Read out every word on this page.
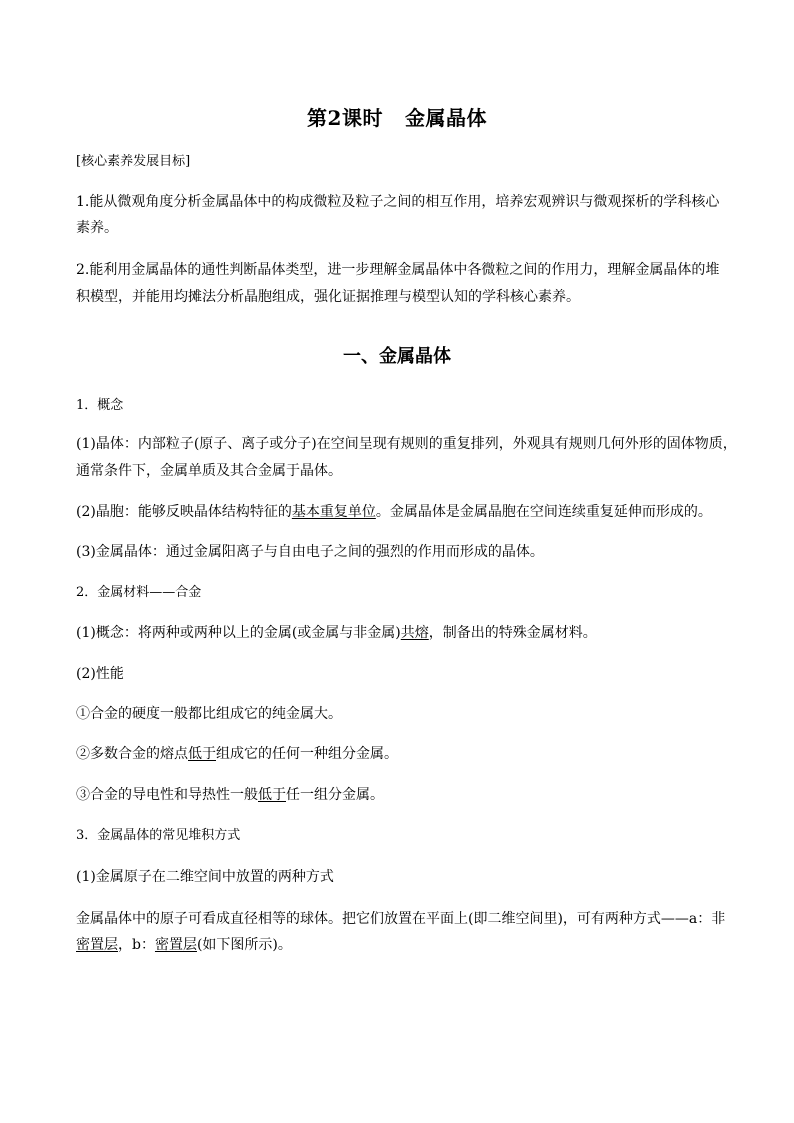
第2课时 金属晶体
[核心素养发展目标]
1.能从微观角度分析金属晶体中的构成微粒及粒子之间的相互作用，培养宏观辨识与微观探析的学科核心
素养。
2.能利用金属晶体的通性判断晶体类型，进一步理解金属晶体中各微粒之间的作用力，理解金属晶体的堆
积模型，并能用均摊法分析晶胞组成，强化证据推理与模型认知的学科核心素养。
一、金属晶体
1．概念
(1)晶体：内部粒子(原子、离子或分子)在空间呈现有规则的重复排列，外观具有规则几何外形的固体物质，
通常条件下，金属单质及其合金属于晶体。
(2)晶胞：能够反映晶体结构特征的基本重复单位。金属晶体是金属晶胞在空间连续重复延伸而形成的。
(3)金属晶体：通过金属阳离子与自由电子之间的强烈的作用而形成的晶体。
2．金属材料——合金
(1)概念：将两种或两种以上的金属(或金属与非金属)共熔，制备出的特殊金属材料。
(2)性能
①合金的硬度一般都比组成它的纯金属大。
②多数合金的熔点低于组成它的任何一种组分金属。
③合金的导电性和导热性一般低于任一组分金属。
3．金属晶体的常见堆积方式
(1)金属原子在二维空间中放置的两种方式
金属晶体中的原子可看成直径相等的球体。把它们放置在平面上(即二维空间里)，可有两种方式——a：非
密置层，b：密置层(如下图所示)。
